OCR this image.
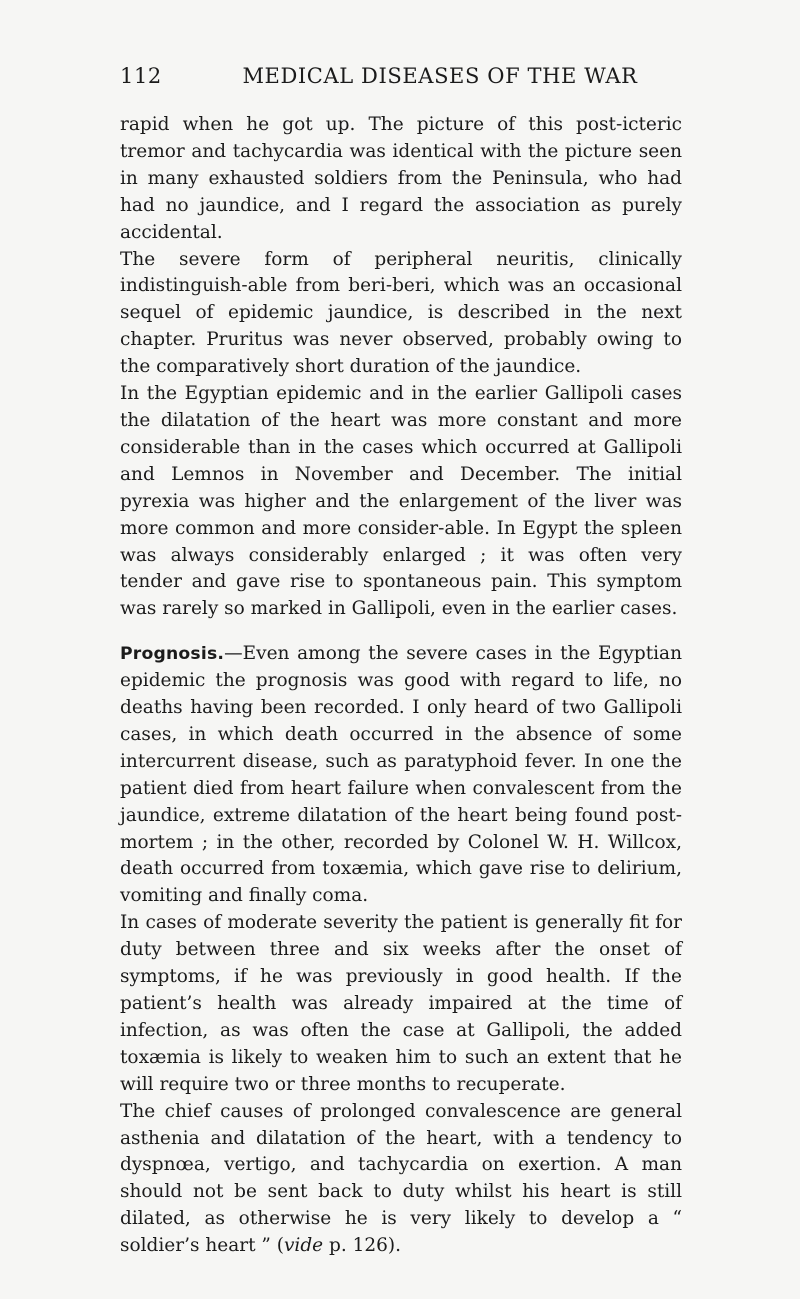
112	MEDICAL DISEASES OF THE WAR

rapid when he got up. The picture of this post-icteric tremor and tachycardia was identical with the picture seen in many exhausted soldiers from the Peninsula, who had had no jaundice, and I regard the association as purely accidental.

The severe form of peripheral neuritis, clinically indistinguish-able from beri-beri, which was an occasional sequel of epidemic jaundice, is described in the next chapter. Pruritus was never observed, probably owing to the comparatively short duration of the jaundice.

In the Egyptian epidemic and in the earlier Gallipoli cases the dilatation of the heart was more constant and more considerable than in the cases which occurred at Gallipoli and Lemnos in November and December. The initial pyrexia was higher and the enlargement of the liver was more common and more consider-able. In Egypt the spleen was always considerably enlarged ; it was often very tender and gave rise to spontaneous pain. This symptom was rarely so marked in Gallipoli, even in the earlier cases.

Prognosis.—Even among the severe cases in the Egyptian epidemic the prognosis was good with regard to life, no deaths having been recorded. I only heard of two Gallipoli cases, in which death occurred in the absence of some intercurrent disease, such as paratyphoid fever. In one the patient died from heart failure when convalescent from the jaundice, extreme dilatation of the heart being found post-mortem ; in the other, recorded by Colonel W. H. Willcox, death occurred from toxæmia, which gave rise to delirium, vomiting and finally coma.

In cases of moderate severity the patient is generally fit for duty between three and six weeks after the onset of symptoms, if he was previously in good health. If the patient’s health was already impaired at the time of infection, as was often the case at Gallipoli, the added toxæmia is likely to weaken him to such an extent that he will require two or three months to recuperate.

The chief causes of prolonged convalescence are general asthenia and dilatation of the heart, with a tendency to dyspnœa, vertigo, and tachycardia on exertion. A man should not be sent back to duty whilst his heart is still dilated, as otherwise he is very likely to develop a “ soldier’s heart ” (vide p. 126).
